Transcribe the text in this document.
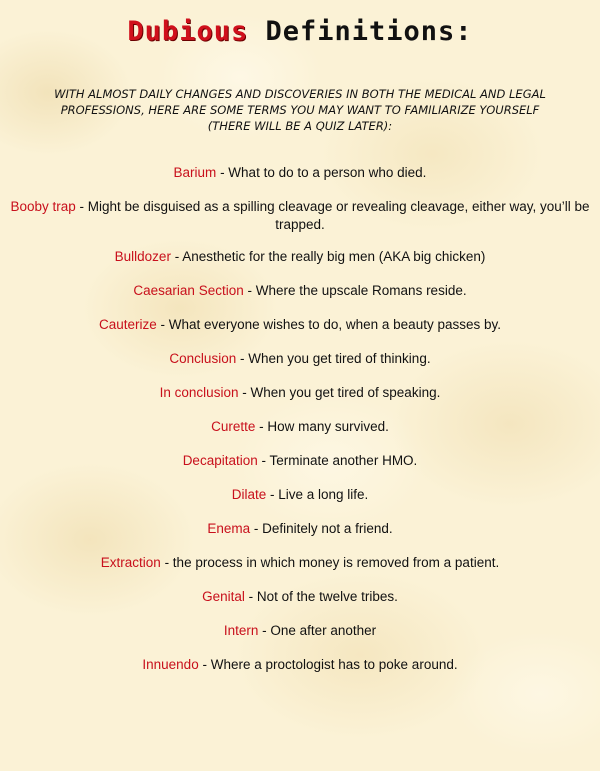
Dubious Definitions:
WITH ALMOST DAILY CHANGES AND DISCOVERIES IN BOTH THE MEDICAL AND LEGAL PROFESSIONS, HERE ARE SOME TERMS YOU MAY WANT TO FAMILIARIZE YOURSELF (THERE WILL BE A QUIZ LATER):
Barium - What to do to a person who died.
Booby trap - Might be disguised as a spilling cleavage or revealing cleavage, either way, you’ll be trapped.
Bulldozer - Anesthetic for the really big men (AKA big chicken)
Caesarian Section - Where the upscale Romans reside.
Cauterize - What everyone wishes to do, when a beauty passes by.
Conclusion - When you get tired of thinking.
In conclusion - When you get tired of speaking.
Curette - How many survived.
Decapitation - Terminate another HMO.
Dilate - Live a long life.
Enema - Definitely not a friend.
Extraction - the process in which money is removed from a patient.
Genital - Not of the twelve tribes.
Intern - One after another
Innuendo - Where a proctologist has to poke around.
